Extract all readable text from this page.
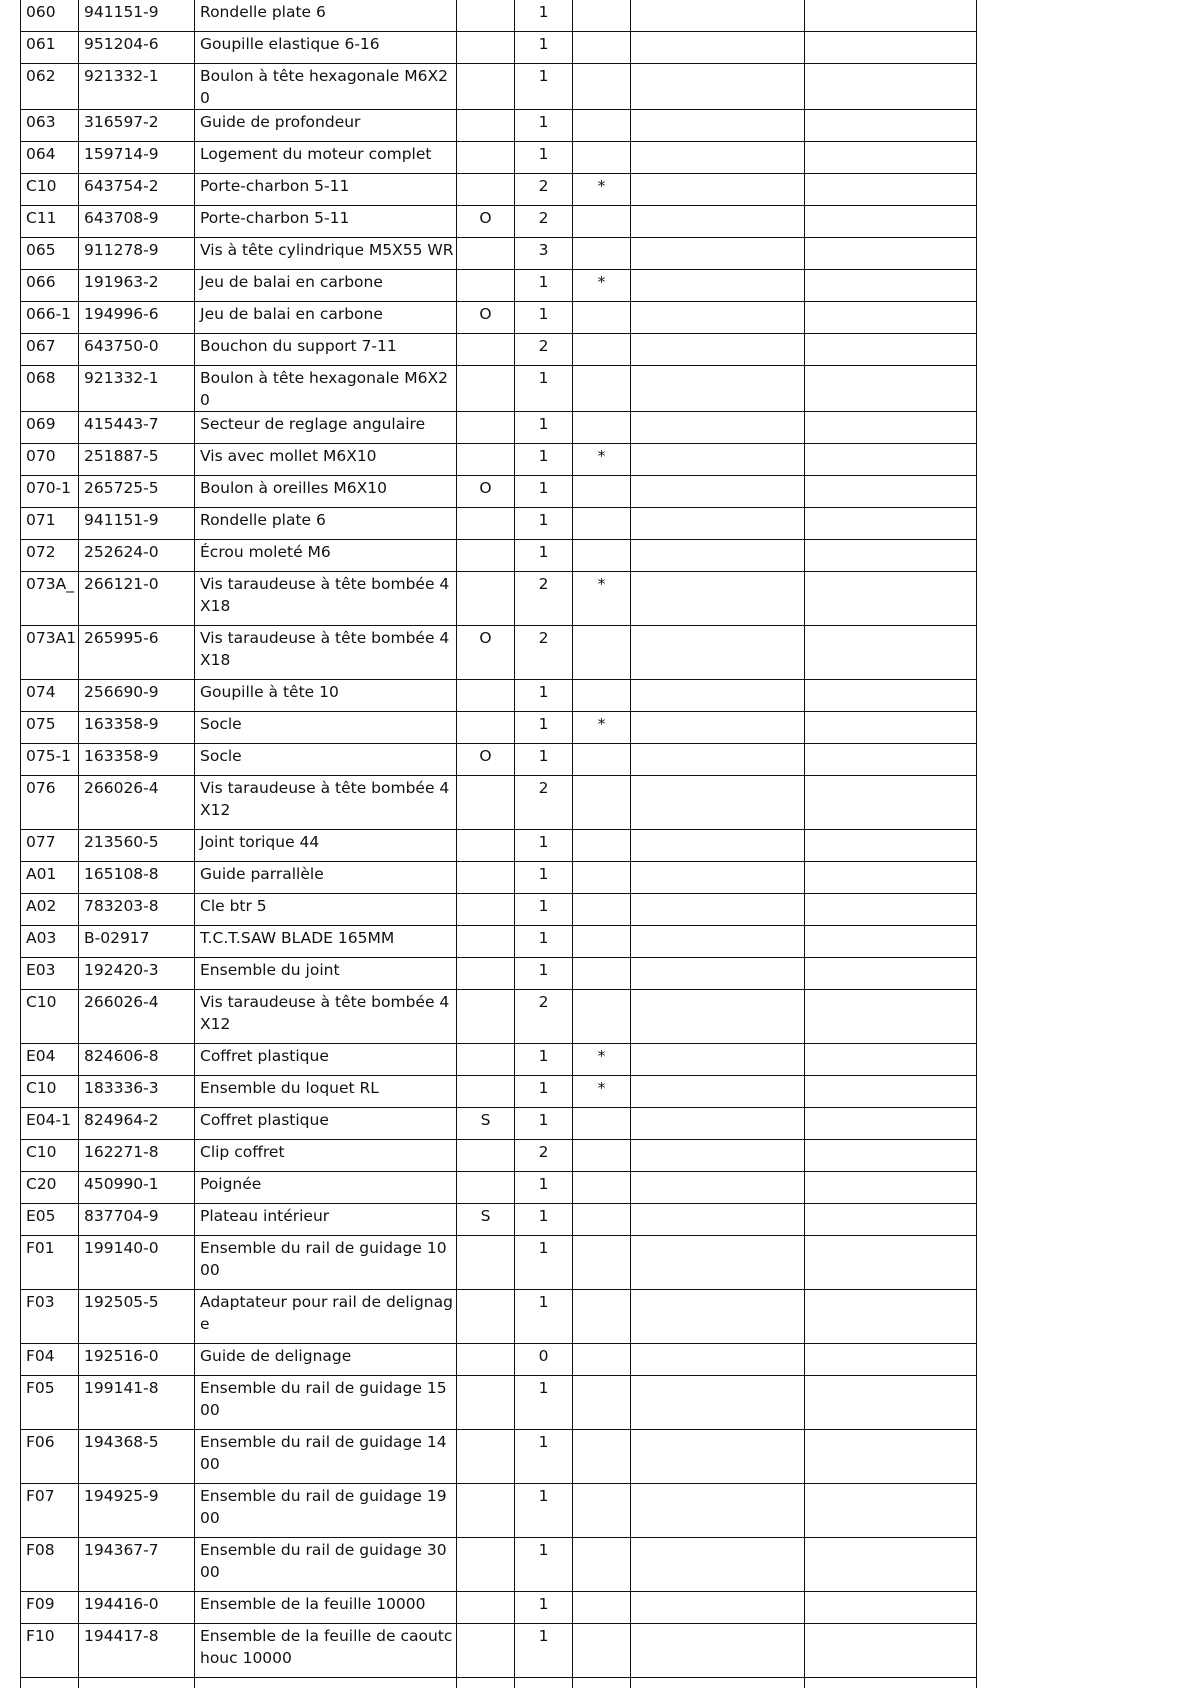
060	941151-9	Rondelle plate 6		1			
061	951204-6	Goupille elastique 6-16		1			
062	921332-1	Boulon à tête hexagonale M6X20		1			
063	316597-2	Guide de profondeur		1			
064	159714-9	Logement du moteur complet		1			
C10	643754-2	Porte-charbon 5-11		2	*		
C11	643708-9	Porte-charbon 5-11	O	2			
065	911278-9	Vis à tête cylindrique M5X55 WR		3			
066	191963-2	Jeu de balai en carbone		1	*		
066-1	194996-6	Jeu de balai en carbone	O	1			
067	643750-0	Bouchon du support 7-11		2			
068	921332-1	Boulon à tête hexagonale M6X20		1			
069	415443-7	Secteur de reglage angulaire		1			
070	251887-5	Vis avec mollet M6X10		1	*		
070-1	265725-5	Boulon à oreilles M6X10	O	1			
071	941151-9	Rondelle plate 6		1			
072	252624-0	Écrou moleté M6		1			
073A_	266121-0	Vis taraudeuse à tête bombée 4X18		2	*		
073A1	265995-6	Vis taraudeuse à tête bombée 4X18	O	2			
074	256690-9	Goupille à tête 10		1			
075	163358-9	Socle		1	*		
075-1	163358-9	Socle	O	1			
076	266026-4	Vis taraudeuse à tête bombée 4X12		2			
077	213560-5	Joint torique 44		1			
A01	165108-8	Guide parrallèle		1			
A02	783203-8	Cle btr 5		1			
A03	B-02917	T.C.T.SAW BLADE 165MM		1			
E03	192420-3	Ensemble du joint		1			
C10	266026-4	Vis taraudeuse à tête bombée 4X12		2			
E04	824606-8	Coffret plastique		1	*		
C10	183336-3	Ensemble du loquet RL		1	*		
E04-1	824964-2	Coffret plastique	S	1			
C10	162271-8	Clip coffret		2			
C20	450990-1	Poignée		1			
E05	837704-9	Plateau intérieur	S	1			
F01	199140-0	Ensemble du rail de guidage 1000		1			
F03	192505-5	Adaptateur pour rail de delignage		1			
F04	192516-0	Guide de delignage		0			
F05	199141-8	Ensemble du rail de guidage 1500		1			
F06	194368-5	Ensemble du rail de guidage 1400		1			
F07	194925-9	Ensemble du rail de guidage 1900		1			
F08	194367-7	Ensemble du rail de guidage 3000		1			
F09	194416-0	Ensemble de la feuille 10000		1			
F10	194417-8	Ensemble de la feuille de caoutchouc 10000		1			
